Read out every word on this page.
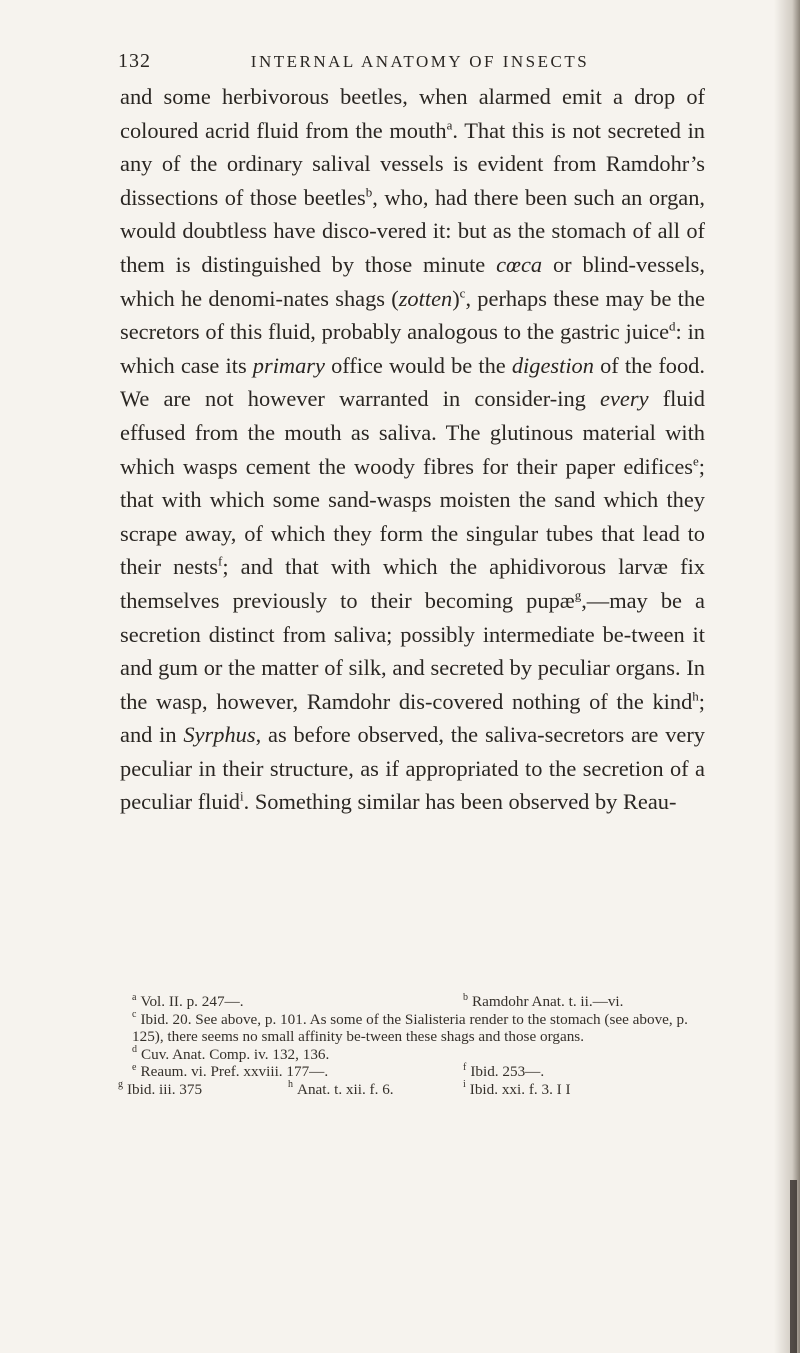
132	INTERNAL ANATOMY OF INSECTS

and some herbivorous beetles, when alarmed emit a drop of coloured acrid fluid from the mouth$^a$. That this is not secreted in any of the ordinary salival vessels is evident from Ramdohr’s dissections of those beetles$^b$, who, had there been such an organ, would doubtless have disco-vered it: but as the stomach of all of them is distinguished by those minute cœca or blind-vessels, which he denomi-nates shags (zotten)$^c$, perhaps these may be the secretors of this fluid, probably analogous to the gastric juice$^d$: in which case its primary office would be the digestion of the food. We are not however warranted in consider-ing every fluid effused from the mouth as saliva. The glutinous material with which wasps cement the woody fibres for their paper edifices$^e$; that with which some sand-wasps moisten the sand which they scrape away, of which they form the singular tubes that lead to their nests$^f$; and that with which the aphidivorous larvæ fix themselves previously to their becoming pupæ$^g$,—may be a secretion distinct from saliva; possibly intermediate be-tween it and gum or the matter of silk, and secreted by peculiar organs. In the wasp, however, Ramdohr dis-covered nothing of the kind$^h$; and in Syrphus, as before observed, the saliva-secretors are very peculiar in their structure, as if appropriated to the secretion of a peculiar fluid$^i$. Something similar has been observed by Reau-

$^a$ Vol. II. p. 247—.	$^b$ Ramdohr Anat. t. ii.—vi.
$^c$ Ibid. 20. See above, p. 101. As some of the Sialisteria render to the stomach (see above, p. 125), there seems no small affinity be-tween these shags and those organs.
$^d$ Cuv. Anat. Comp. iv. 132, 136.
$^e$ Reaum. vi. Pref. xxviii. 177—.	$^f$ Ibid. 253—.
$^g$ Ibid. iii. 375	$^h$ Anat. t. xii. f. 6.	$^i$ Ibid. xxi. f. 3. I I
